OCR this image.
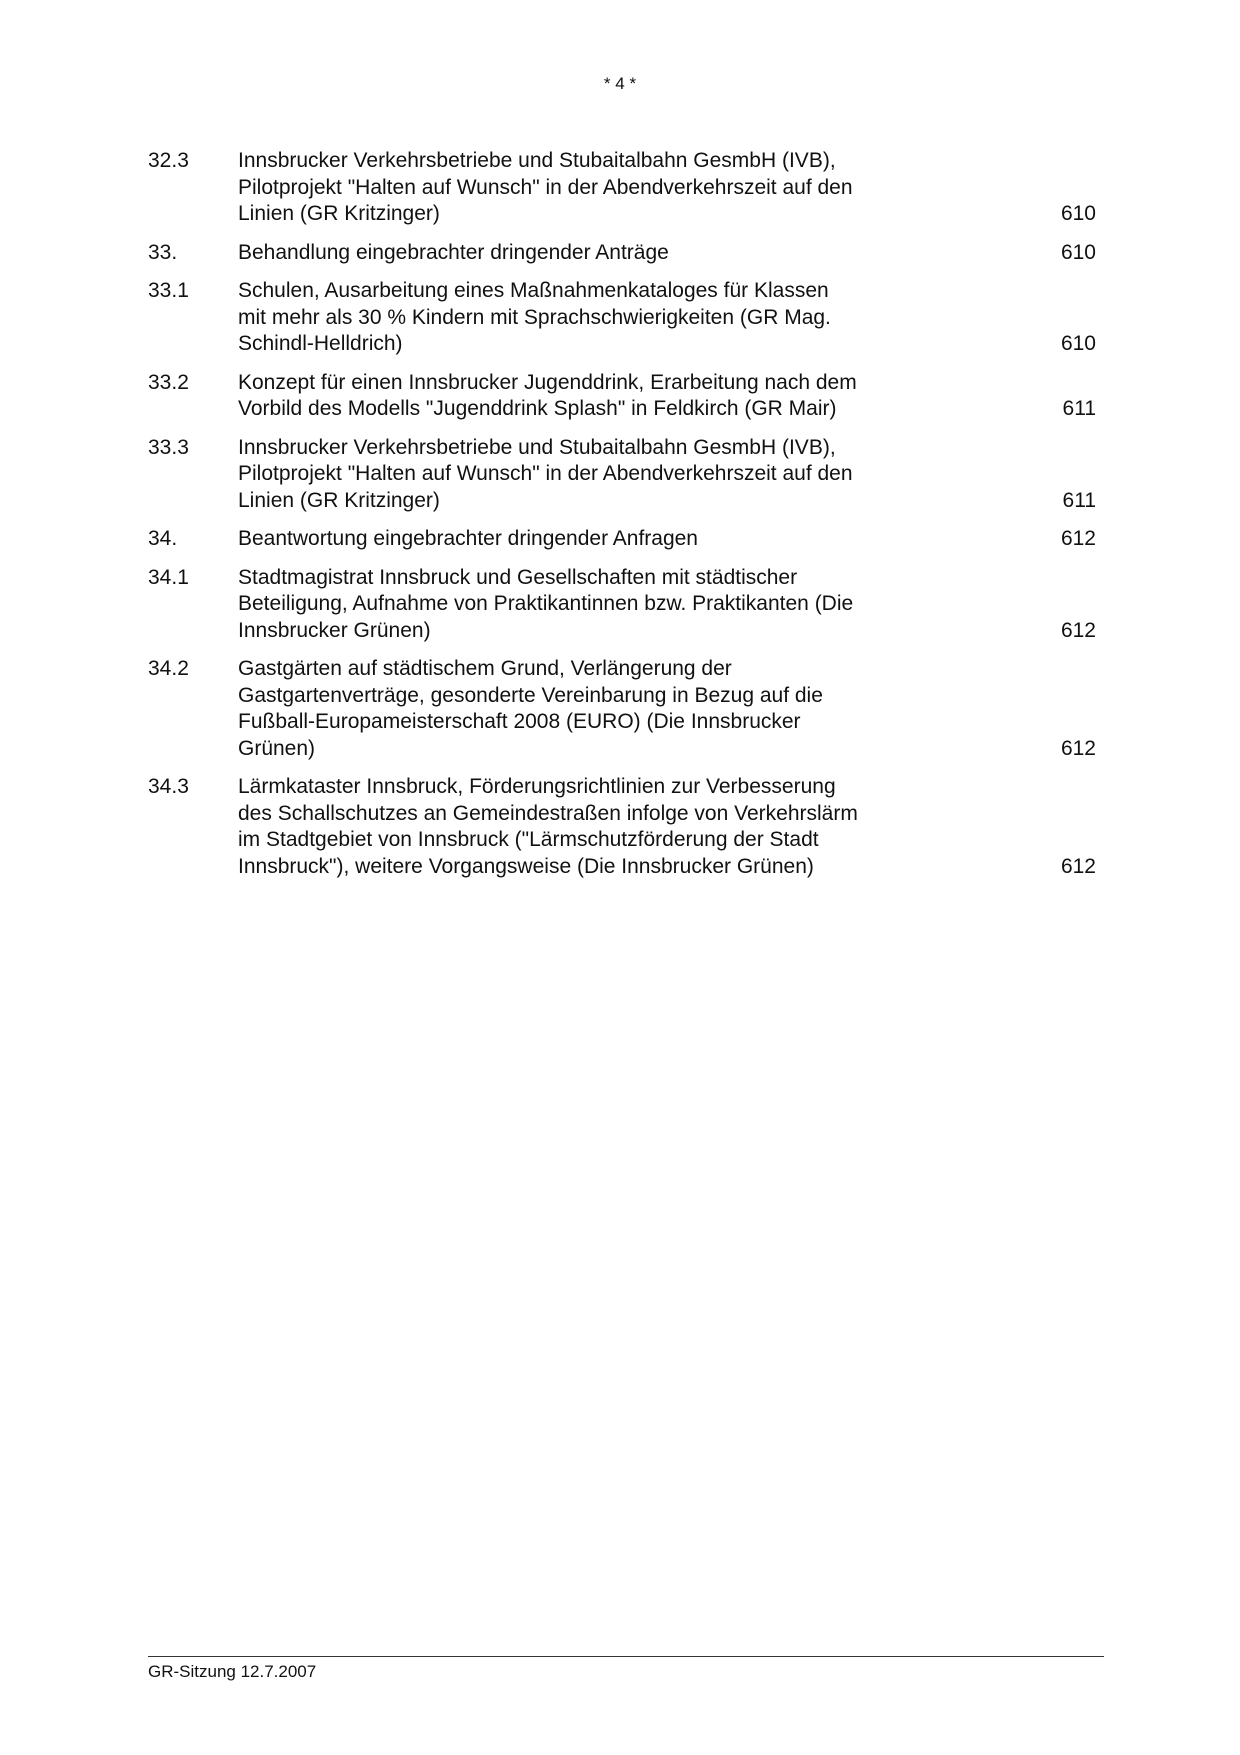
* 4 *
32.3	Innsbrucker Verkehrsbetriebe und Stubaitalbahn GesmbH (IVB),
Pilotprojekt "Halten auf Wunsch" in der Abendverkehrszeit auf den
Linien (GR Kritzinger)	610
33.	Behandlung eingebrachter dringender Anträge	610
33.1	Schulen, Ausarbeitung eines Maßnahmenkataloges für Klassen
mit mehr als 30 % Kindern mit Sprachschwierigkeiten (GR Mag.
Schindl-Helldrich)	610
33.2	Konzept für einen Innsbrucker Jugenddrink, Erarbeitung nach dem
Vorbild des Modells "Jugenddrink Splash" in Feldkirch (GR Mair)	611
33.3	Innsbrucker Verkehrsbetriebe und Stubaitalbahn GesmbH (IVB),
Pilotprojekt "Halten auf Wunsch" in der Abendverkehrszeit auf den
Linien (GR Kritzinger)	611
34.	Beantwortung eingebrachter dringender Anfragen	612
34.1	Stadtmagistrat Innsbruck und Gesellschaften mit städtischer
Beteiligung, Aufnahme von Praktikantinnen bzw. Praktikanten (Die
Innsbrucker Grünen)	612
34.2	Gastgärten auf städtischem Grund, Verlängerung der
Gastgartenverträge, gesonderte Vereinbarung in Bezug auf die
Fußball-Europameisterschaft 2008 (EURO) (Die Innsbrucker
Grünen)	612
34.3	Lärmkataster Innsbruck, Förderungsrichtlinien zur Verbesserung
des Schallschutzes an Gemeindestraßen infolge von Verkehrslärm
im Stadtgebiet von Innsbruck ("Lärmschutzförderung der Stadt
Innsbruck"), weitere Vorgangsweise (Die Innsbrucker Grünen)	612
GR-Sitzung 12.7.2007
